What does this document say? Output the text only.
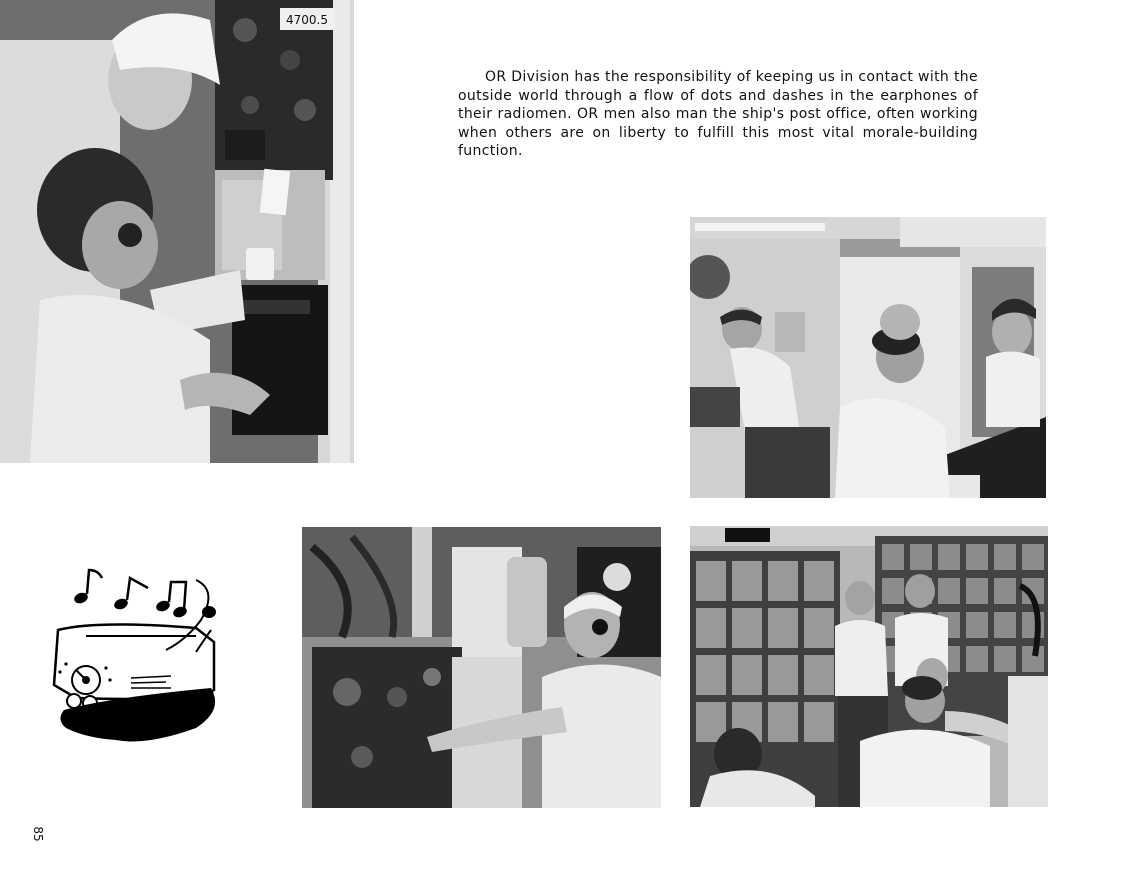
4700.5

OR Division has the responsibility of keeping us in contact with the outside world through a flow of dots and dashes in the earphones of their radiomen. OR men also man the ship's post office, often working when others are on liberty to fulfill this most vital morale-building function.

85
